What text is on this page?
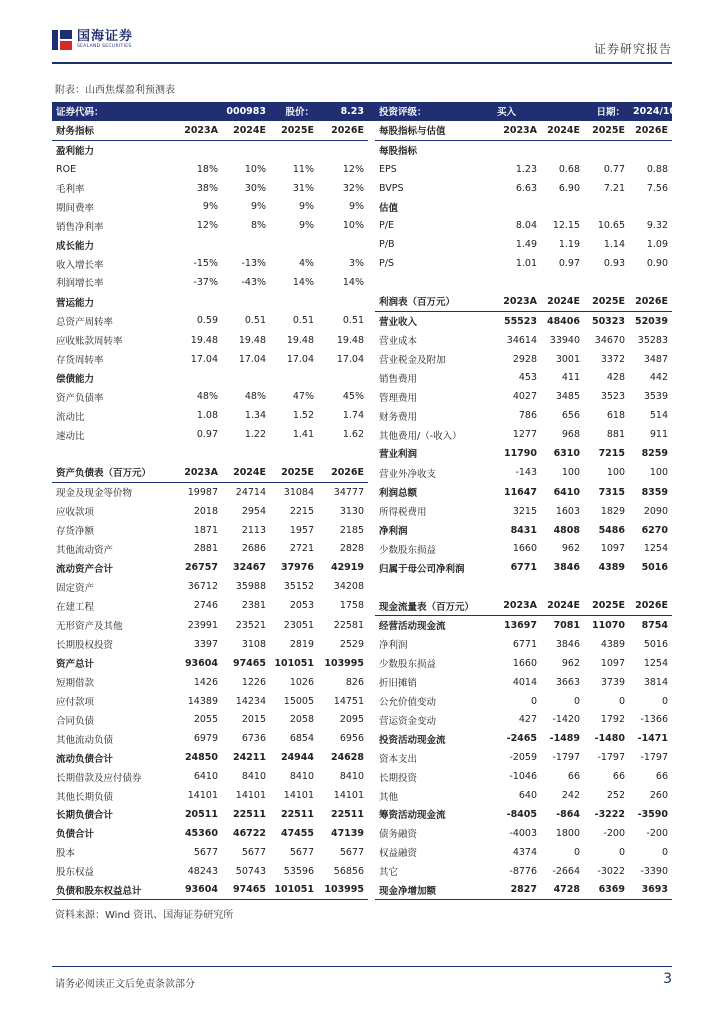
国海证券
SEALAND SECURITIES	证券研究报告
附表：山西焦煤盈利预测表
证券代码：	000983		股价：	8.23		投资评级：	买入		日期：	2024/10/31
财务指标	2023A	2024E	2025E	2026E		每股指标与估值	2023A	2024E	2025E	2026E
盈利能力						每股指标				
ROE	18%	10%	11%	12%		EPS	1.23	0.68	0.77	0.88
毛利率	38%	30%	31%	32%		BVPS	6.63	6.90	7.21	7.56
期间费率	9%	9%	9%	9%		估值				
销售净利率	12%	8%	9%	10%		P/E	8.04	12.15	10.65	9.32
成长能力						P/B	1.49	1.19	1.14	1.09
收入增长率	-15%	-13%	4%	3%		P/S	1.01	0.97	0.93	0.90
利润增长率	-37%	-43%	14%	14%						
营运能力						利润表（百万元）	2023A	2024E	2025E	2026E
总资产周转率	0.59	0.51	0.51	0.51		营业收入	55523	48406	50323	52039
应收账款周转率	19.48	19.48	19.48	19.48		营业成本	34614	33940	34670	35283
存货周转率	17.04	17.04	17.04	17.04		营业税金及附加	2928	3001	3372	3487
偿债能力						销售费用	453	411	428	442
资产负债率	48%	48%	47%	45%		管理费用	4027	3485	3523	3539
流动比	1.08	1.34	1.52	1.74		财务费用	786	656	618	514
速动比	0.97	1.22	1.41	1.62		其他费用/（-收入）	1277	968	881	911
						营业利润	11790	6310	7215	8259
资产负债表（百万元）	2023A	2024E	2025E	2026E		营业外净收支	-143	100	100	100
现金及现金等价物	19987	24714	31084	34777		利润总额	11647	6410	7315	8359
应收款项	2018	2954	2215	3130		所得税费用	3215	1603	1829	2090
存货净额	1871	2113	1957	2185		净利润	8431	4808	5486	6270
其他流动资产	2881	2686	2721	2828		少数股东损益	1660	962	1097	1254
流动资产合计	26757	32467	37976	42919		归属于母公司净利润	6771	3846	4389	5016
固定资产	36712	35988	35152	34208						
在建工程	2746	2381	2053	1758		现金流量表（百万元）	2023A	2024E	2025E	2026E
无形资产及其他	23991	23521	23051	22581		经营活动现金流	13697	7081	11070	8754
长期股权投资	3397	3108	2819	2529		净利润	6771	3846	4389	5016
资产总计	93604	97465	101051	103995		少数股东损益	1660	962	1097	1254
短期借款	1426	1226	1026	826		折旧摊销	4014	3663	3739	3814
应付款项	14389	14234	15005	14751		公允价值变动	0	0	0	0
合同负债	2055	2015	2058	2095		营运资金变动	427	-1420	1792	-1366
其他流动负债	6979	6736	6854	6956		投资活动现金流	-2465	-1489	-1480	-1471
流动负债合计	24850	24211	24944	24628		资本支出	-2059	-1797	-1797	-1797
长期借款及应付债券	6410	8410	8410	8410		长期投资	-1046	66	66	66
其他长期负债	14101	14101	14101	14101		其他	640	242	252	260
长期负债合计	20511	22511	22511	22511		筹资活动现金流	-8405	-864	-3222	-3590
负债合计	45360	46722	47455	47139		债务融资	-4003	1800	-200	-200
股本	5677	5677	5677	5677		权益融资	4374	0	0	0
股东权益	48243	50743	53596	56856		其它	-8776	-2664	-3022	-3390
负债和股东权益总计	93604	97465	101051	103995		现金净增加额	2827	4728	6369	3693
资料来源：Wind 资讯、国海证券研究所
请务必阅读正文后免责条款部分	3
